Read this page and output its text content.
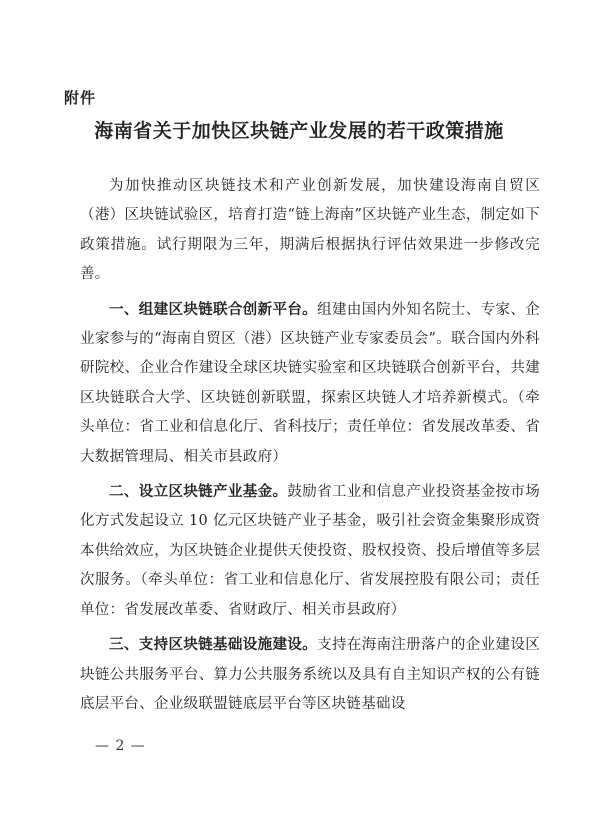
附件
海南省关于加快区块链产业发展的若干政策措施

为加快推动区块链技术和产业创新发展，加快建设海南自贸区（港）区块链试验区，培育打造“链上海南”区块链产业生态，制定如下政策措施。试行期限为三年，期满后根据执行评估效果进一步修改完善。

一、组建区块链联合创新平台。组建由国内外知名院士、专家、企业家参与的“海南自贸区（港）区块链产业专家委员会”。联合国内外科研院校、企业合作建设全球区块链实验室和区块链联合创新平台，共建区块链联合大学、区块链创新联盟，探索区块链人才培养新模式。（牵头单位：省工业和信息化厅、省科技厅；责任单位：省发展改革委、省大数据管理局、相关市县政府）

二、设立区块链产业基金。鼓励省工业和信息产业投资基金按市场化方式发起设立 10 亿元区块链产业子基金，吸引社会资金集聚形成资本供给效应，为区块链企业提供天使投资、股权投资、投后增值等多层次服务。（牵头单位：省工业和信息化厅、省发展控股有限公司；责任单位：省发展改革委、省财政厅、相关市县政府）

三、支持区块链基础设施建设。支持在海南注册落户的企业建设区块链公共服务平台、算力公共服务系统以及具有自主知识产权的公有链底层平台、企业级联盟链底层平台等区块链基础设

— 2 —
